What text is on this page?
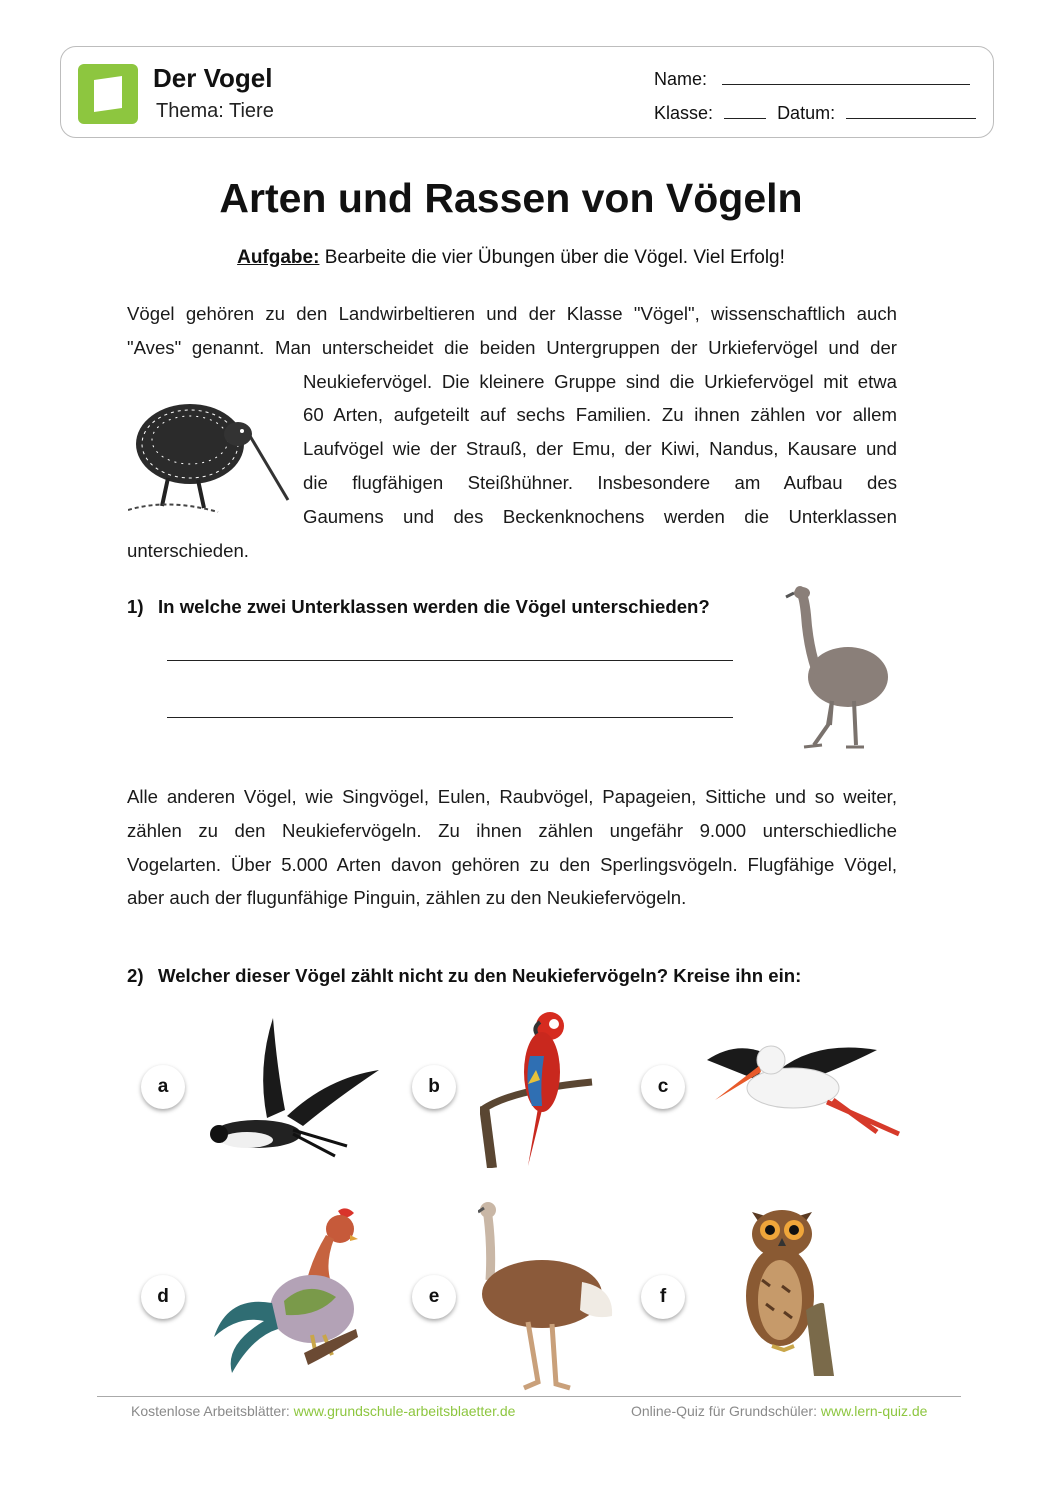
Der Vogel
Thema: Tiere
Name:
Klasse:	Datum:
Arten und Rassen von Vögeln
Aufgabe: Bearbeite die vier Übungen über die Vögel. Viel Erfolg!
Vögel gehören zu den Landwirbeltieren und der Klasse "Vögel", wissenschaftlich auch
"Aves" genannt. Man unterscheidet die beiden Untergruppen der Urkiefervögel und der
Neukiefervögel. Die kleinere Gruppe sind die Urkiefervögel mit etwa
60 Arten, aufgeteilt auf sechs Familien. Zu ihnen zählen vor allem
Laufvögel wie der Strauß, der Emu, der Kiwi, Nandus, Kausare und
die flugfähigen Steißhühner. Insbesondere am Aufbau des
Gaumens und des Beckenknochens werden die Unterklassen
unterschieden.
1) In welche zwei Unterklassen werden die Vögel unterschieden?
Alle anderen Vögel, wie Singvögel, Eulen, Raubvögel, Papageien, Sittiche und so weiter,
zählen zu den Neukiefervögeln. Zu ihnen zählen ungefähr 9.000 unterschiedliche
Vogelarten. Über 5.000 Arten davon gehören zu den Sperlingsvögeln. Flugfähige Vögel,
aber auch der flugunfähige Pinguin, zählen zu den Neukiefervögeln.
2) Welcher dieser Vögel zählt nicht zu den Neukiefervögeln? Kreise ihn ein:
a	b	c
d	e	f
Kostenlose Arbeitsblätter: www.grundschule-arbeitsblaetter.de	Online-Quiz für Grundschüler: www.lern-quiz.de
